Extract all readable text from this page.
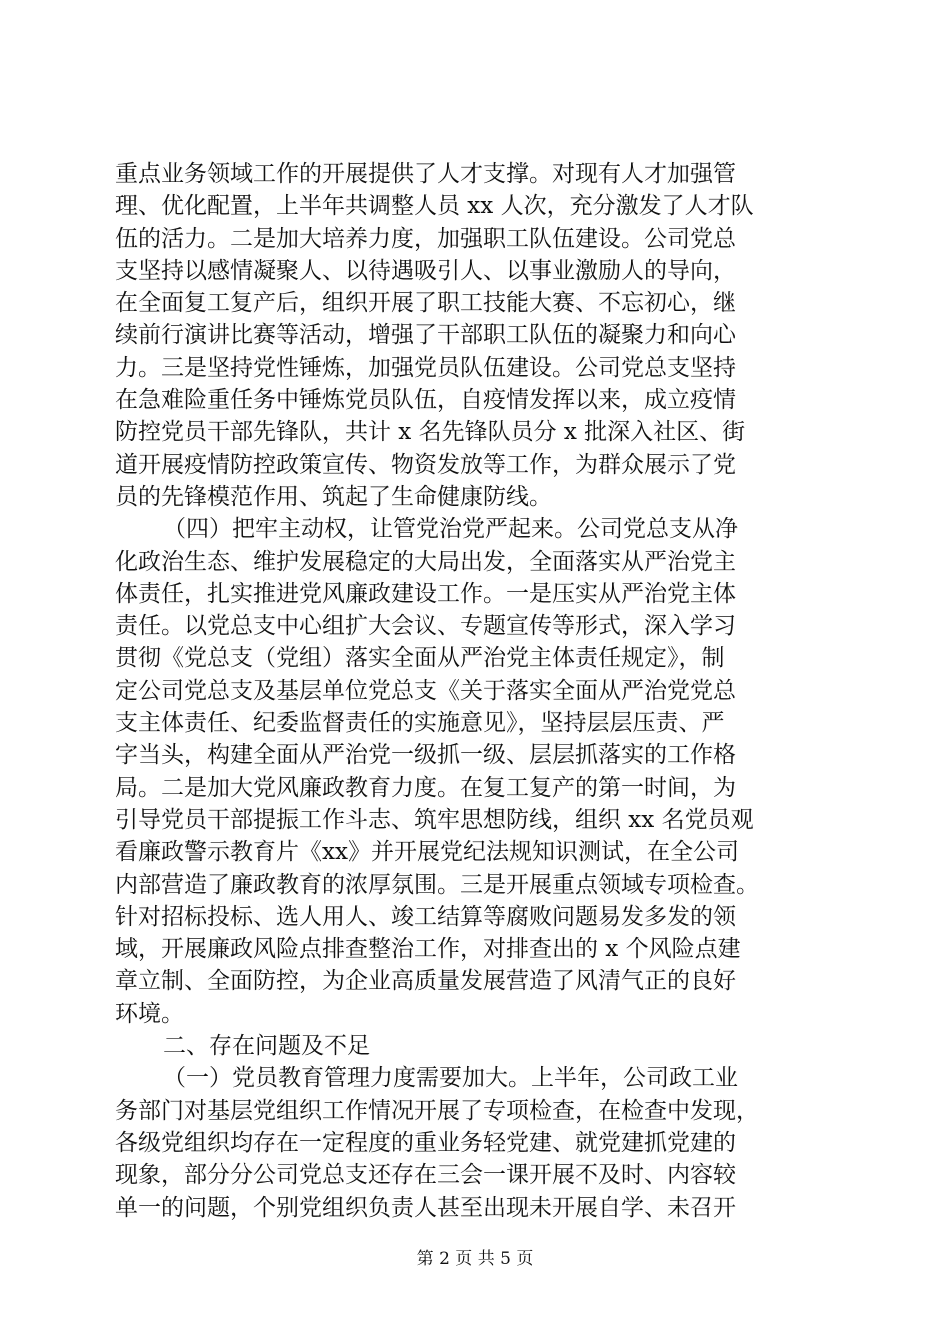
重点业务领域工作的开展提供了人才支撑。对现有人才加强管
理、优化配置，上半年共调整人员 xx 人次，充分激发了人才队
伍的活力。二是加大培养力度，加强职工队伍建设。公司党总
支坚持以感情凝聚人、以待遇吸引人、以事业激励人的导向，
在全面复工复产后，组织开展了职工技能大赛、不忘初心，继
续前行演讲比赛等活动，增强了干部职工队伍的凝聚力和向心
力。三是坚持党性锤炼，加强党员队伍建设。公司党总支坚持
在急难险重任务中锤炼党员队伍，自疫情发挥以来，成立疫情
防控党员干部先锋队，共计 x 名先锋队员分 x 批深入社区、街
道开展疫情防控政策宣传、物资发放等工作，为群众展示了党
员的先锋模范作用、筑起了生命健康防线。
（四）把牢主动权，让管党治党严起来。公司党总支从净
化政治生态、维护发展稳定的大局出发，全面落实从严治党主
体责任，扎实推进党风廉政建设工作。一是压实从严治党主体
责任。以党总支中心组扩大会议、专题宣传等形式，深入学习
贯彻《党总支（党组）落实全面从严治党主体责任规定》，制
定公司党总支及基层单位党总支《关于落实全面从严治党党总
支主体责任、纪委监督责任的实施意见》，坚持层层压责、严
字当头，构建全面从严治党一级抓一级、层层抓落实的工作格
局。二是加大党风廉政教育力度。在复工复产的第一时间，为
引导党员干部提振工作斗志、筑牢思想防线，组织 xx 名党员观
看廉政警示教育片《xx》并开展党纪法规知识测试，在全公司
内部营造了廉政教育的浓厚氛围。三是开展重点领域专项检查。
针对招标投标、选人用人、竣工结算等腐败问题易发多发的领
域，开展廉政风险点排查整治工作，对排查出的 x 个风险点建
章立制、全面防控，为企业高质量发展营造了风清气正的良好
环境。
二、存在问题及不足
（一）党员教育管理力度需要加大。上半年，公司政工业
务部门对基层党组织工作情况开展了专项检查，在检查中发现，
各级党组织均存在一定程度的重业务轻党建、就党建抓党建的
现象，部分分公司党总支还存在三会一课开展不及时、内容较
单一的问题，个别党组织负责人甚至出现未开展自学、未召开
第 2 页 共 5 页
